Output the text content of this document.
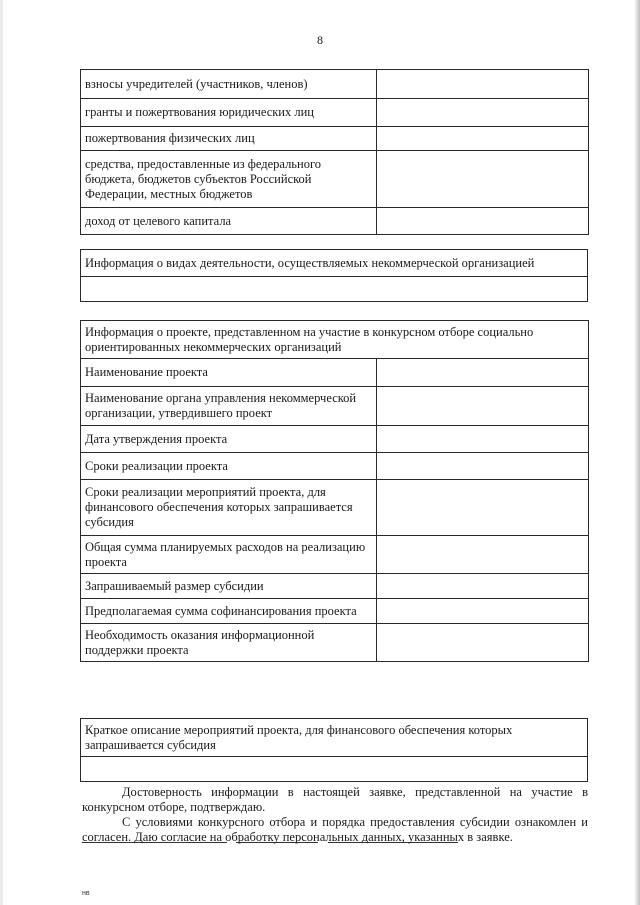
8
взносы учредителей (участников, членов)	
гранты и пожертвования юридических лиц	
пожертвования физических лиц	
средства, предоставленные из федерального бюджета, бюджетов субъектов Российской Федерации, местных бюджетов	
доход от целевого капитала	
Информация о видах деятельности, осуществляемых некоммерческой организацией

Информация о проекте, представленном на участие в конкурсном отборе социально ориентированных некоммерческих организаций	
Наименование проекта	
Наименование органа управления некоммерческой организации, утвердившего проект	
Дата утверждения проекта	
Сроки реализации проекта	
Сроки реализации мероприятий проекта, для финансового обеспечения которых запрашивается субсидия	
Общая сумма планируемых расходов на реализацию проекта	
Запрашиваемый размер субсидии	
Предполагаемая сумма софинансирования проекта	
Необходимость оказания информационной поддержки проекта	
Краткое описание мероприятий проекта, для финансового обеспечения которых запрашивается субсидия

Достоверность информации в настоящей заявке, представленной на участие в конкурсном отборе, подтверждаю.
С условиями конкурсного отбора и порядка предоставления субсидии ознакомлен и согласен. Даю согласие на обработку персональных данных, указанных в заявке.
нв
